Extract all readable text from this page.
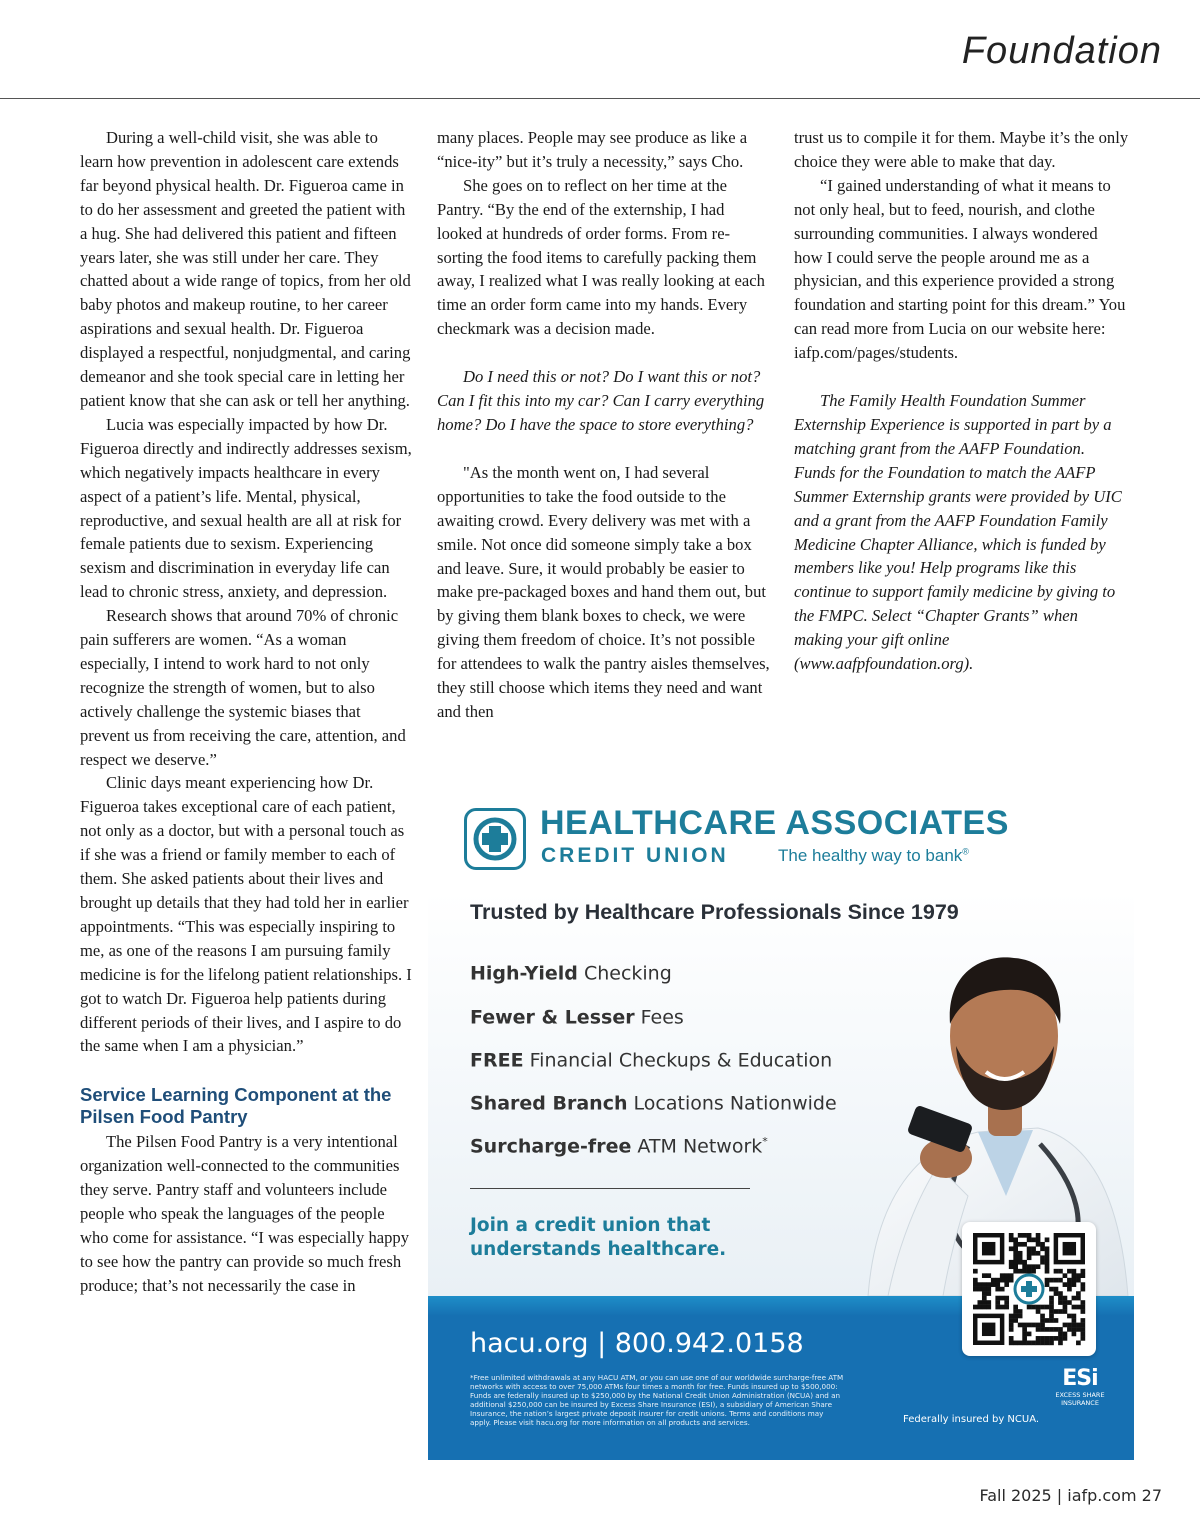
Foundation

During a well-child visit, she was able to learn how prevention in adolescent care extends far beyond physical health. Dr. Figueroa came in to do her assessment and greeted the patient with a hug. She had delivered this patient and fifteen years later, she was still under her care. They chatted about a wide range of topics, from her old baby photos and makeup routine, to her career aspirations and sexual health. Dr. Figueroa displayed a respectful, nonjudgmental, and caring demeanor and she took special care in letting her patient know that she can ask or tell her anything.

Lucia was especially impacted by how Dr. Figueroa directly and indirectly addresses sexism, which negatively impacts healthcare in every aspect of a patient’s life. Mental, physical, reproductive, and sexual health are all at risk for female patients due to sexism. Experiencing sexism and discrimination in everyday life can lead to chronic stress, anxiety, and depression.

Research shows that around 70% of chronic pain sufferers are women. “As a woman especially, I intend to work hard to not only recognize the strength of women, but to also actively challenge the systemic biases that prevent us from receiving the care, attention, and respect we deserve.”

Clinic days meant experiencing how Dr. Figueroa takes exceptional care of each patient, not only as a doctor, but with a personal touch as if she was a friend or family member to each of them. She asked patients about their lives and brought up details that they had told her in earlier appointments. “This was especially inspiring to me, as one of the reasons I am pursuing family medicine is for the lifelong patient relationships. I got to watch Dr. Figueroa help patients during different periods of their lives, and I aspire to do the same when I am a physician.”

Service Learning Component at the Pilsen Food Pantry

The Pilsen Food Pantry is a very intentional organization well-connected to the communities they serve. Pantry staff and volunteers include people who speak the languages of the people who come for assistance. “I was especially happy to see how the pantry can provide so much fresh produce; that’s not necessarily the case in

many places. People may see produce as like a “nice-ity” but it’s truly a necessity,” says Cho.

She goes on to reflect on her time at the Pantry. “By the end of the externship, I had looked at hundreds of order forms. From re-sorting the food items to carefully packing them away, I realized what I was really looking at each time an order form came into my hands. Every checkmark was a decision made.

Do I need this or not? Do I want this or not? Can I fit this into my car? Can I carry everything home? Do I have the space to store everything?

"As the month went on, I had several opportunities to take the food outside to the awaiting crowd. Every delivery was met with a smile. Not once did someone simply take a box and leave. Sure, it would probably be easier to make pre-packaged boxes and hand them out, but by giving them blank boxes to check, we were giving them freedom of choice. It’s not possible for attendees to walk the pantry aisles themselves, they still choose which items they need and want and then

trust us to compile it for them. Maybe it’s the only choice they were able to make that day.

“I gained understanding of what it means to not only heal, but to feed, nourish, and clothe surrounding communities. I always wondered how I could serve the people around me as a physician, and this experience provided a strong foundation and starting point for this dream.” You can read more from Lucia on our website here: iafp.com/pages/students.

The Family Health Foundation Summer Externship Experience is supported in part by a matching grant from the AAFP Foundation. Funds for the Foundation to match the AAFP Summer Externship grants were provided by UIC and a grant from the AAFP Foundation Family Medicine Chapter Alliance, which is funded by members like you! Help programs like this continue to support family medicine by giving to the FMPC. Select “Chapter Grants” when making your gift online (www.aafpfoundation.org).

HEALTHCARE ASSOCIATES
CREDIT UNION	The healthy way to bank®
Trusted by Healthcare Professionals Since 1979
High-Yield Checking
Fewer & Lesser Fees
FREE Financial Checkups & Education
Shared Branch Locations Nationwide
Surcharge-free ATM Network*
Join a credit union that understands healthcare.
hacu.org | 800.942.0158
*Free unlimited withdrawals at any HACU ATM, or you can use one of our worldwide surcharge-free ATM networks with access to over 75,000 ATMs four times a month for free. Funds insured up to $500,000: Funds are federally insured up to $250,000 by the National Credit Union Administration (NCUA) and an additional $250,000 can be insured by Excess Share Insurance (ESI), a subsidiary of American Share Insurance, the nation’s largest private deposit insurer for credit unions. Terms and conditions may apply. Please visit hacu.org for more information on all products and services.	Federally insured by NCUA.
ESi
EXCESS SHARE
INSURANCE
Fall 2025 | iafp.com 27
